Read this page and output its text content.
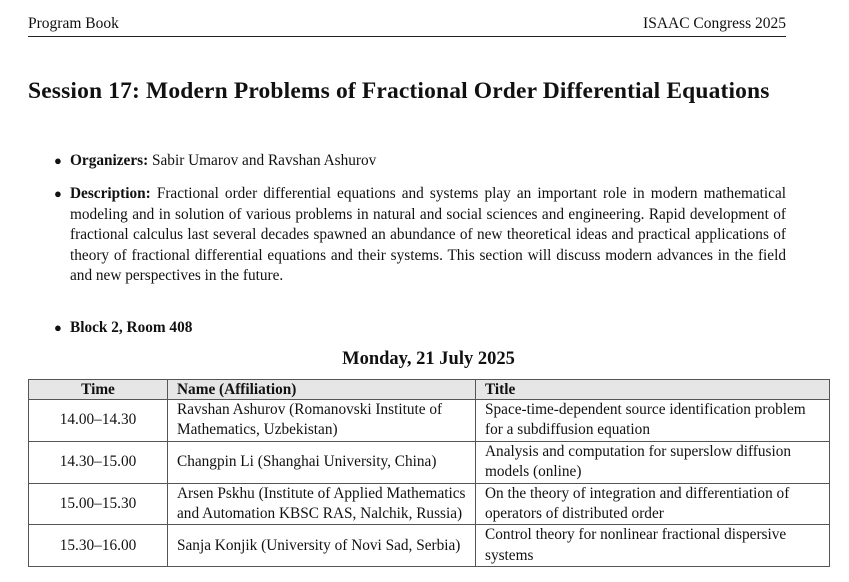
Program Book	ISAAC Congress 2025
Session 17: Modern Problems of Fractional Order Differential Equations
● Organizers: Sabir Umarov and Ravshan Ashurov
● Description: Fractional order differential equations and systems play an important role in modern mathematical modeling and in solution of various problems in natural and social sciences and engineering. Rapid development of fractional calculus last several decades spawned an abundance of new theoretical ideas and practical applications of theory of fractional differential equations and their systems. This section will discuss modern advances in the field and new perspectives in the future.
● Block 2, Room 408
Monday, 21 July 2025
Time	Name (Affiliation)	Title
14.00–14.30	Ravshan Ashurov (Romanovski Institute of Mathematics, Uzbekistan)	Space-time-dependent source identification problem for a subdiffusion equation
14.30–15.00	Changpin Li (Shanghai University, China)	Analysis and computation for superslow diffusion models (online)
15.00–15.30	Arsen Pskhu (Institute of Applied Mathematics and Automation KBSC RAS, Nalchik, Russia)	On the theory of integration and differentiation of operators of distributed order
15.30–16.00	Sanja Konjik (University of Novi Sad, Serbia)	Control theory for nonlinear fractional dispersive systems
